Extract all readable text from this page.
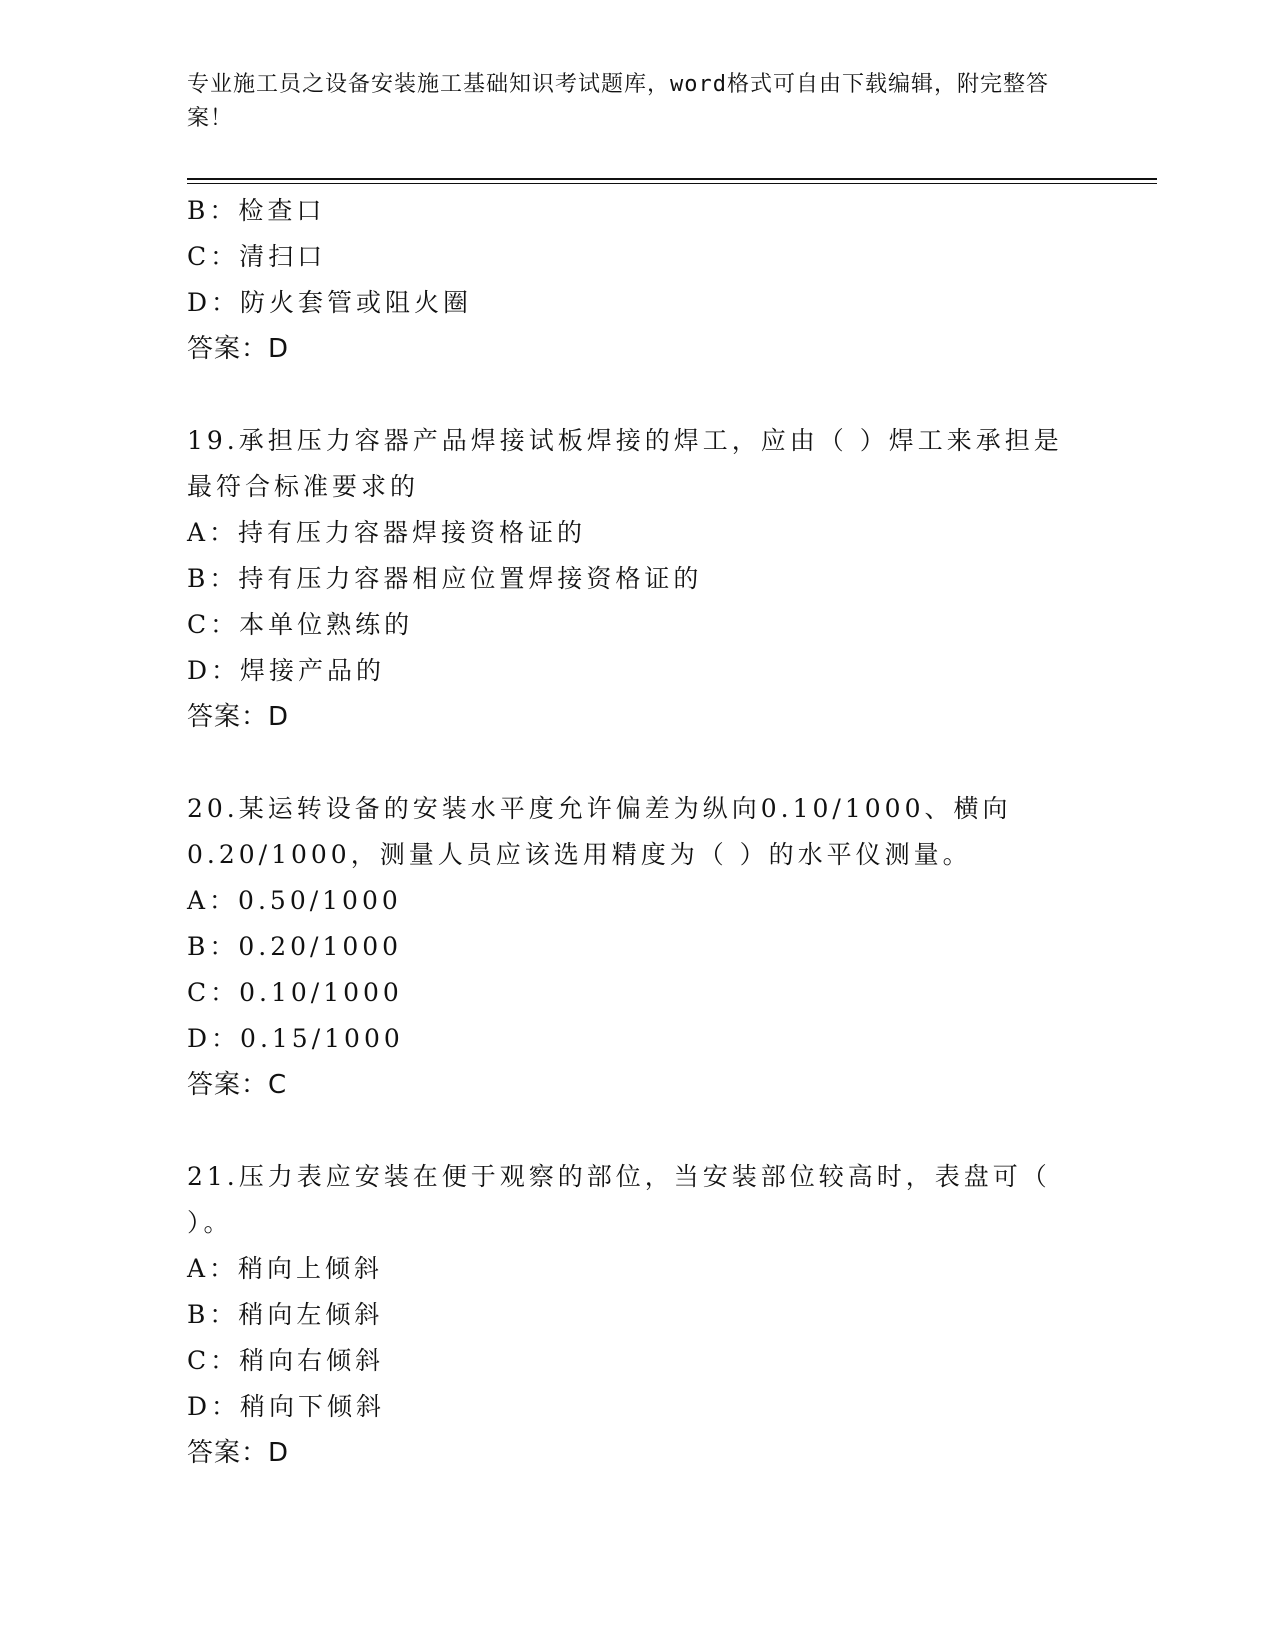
专业施工员之设备安装施工基础知识考试题库，word格式可自由下载编辑，附完整答案！
B：检查口
C：清扫口
D：防火套管或阻火圈
答案：D
19.承担压力容器产品焊接试板焊接的焊工，应由（ ）焊工来承担是
最符合标准要求的
A：持有压力容器焊接资格证的
B：持有压力容器相应位置焊接资格证的
C：本单位熟练的
D：焊接产品的
答案：D
20.某运转设备的安装水平度允许偏差为纵向0.10/1000、横向
0.20/1000，测量人员应该选用精度为（ ）的水平仪测量。
A：0.50/1000
B：0.20/1000
C：0.10/1000
D：0.15/1000
答案：C
21.压力表应安装在便于观察的部位，当安装部位较高时，表盘可（
）。
A：稍向上倾斜
B：稍向左倾斜
C：稍向右倾斜
D：稍向下倾斜
答案：D
